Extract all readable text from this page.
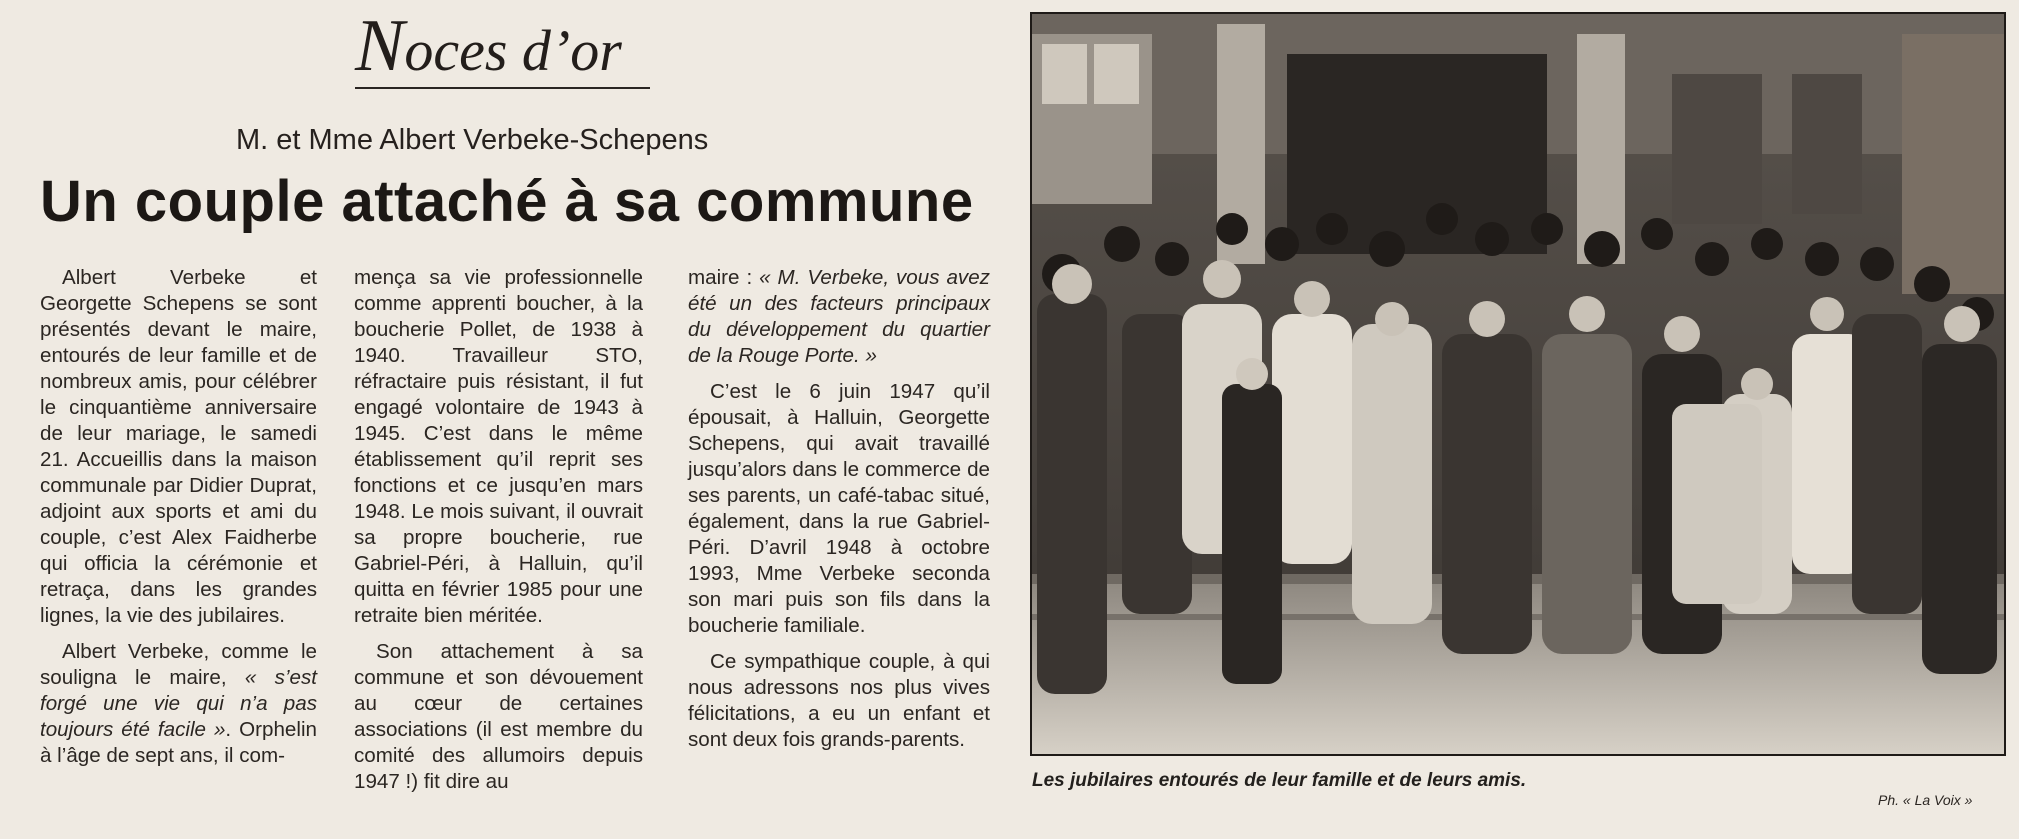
Noces d’or
M. et Mme Albert Verbeke-Schepens
Un couple attaché à sa commune

Albert Verbeke et Georgette Schepens se sont présentés devant le maire, entourés de leur famille et de nombreux amis, pour célébrer le cinquantième anniversaire de leur mariage, le samedi 21. Accueillis dans la maison communale par Didier Duprat, adjoint aux sports et ami du couple, c’est Alex Faidherbe qui officia la cérémonie et retraça, dans les grandes lignes, la vie des jubilaires.

Albert Verbeke, comme le souligna le maire, « s’est forgé une vie qui n’a pas toujours été facile ». Orphelin à l’âge de sept ans, il com-

mença sa vie professionnelle comme apprenti boucher, à la boucherie Pollet, de 1938 à 1940. Travailleur STO, réfractaire puis résistant, il fut engagé volontaire de 1943 à 1945. C’est dans le même établissement qu’il reprit ses fonctions et ce jusqu’en mars 1948. Le mois suivant, il ouvrait sa propre boucherie, rue Gabriel-Péri, à Halluin, qu’il quitta en février 1985 pour une retraite bien méritée.

Son attachement à sa commune et son dévouement au cœur de certaines associations (il est membre du comité des allumoirs depuis 1947 !) fit dire au

maire : « M. Verbeke, vous avez été un des facteurs principaux du développement du quartier de la Rouge Porte. »

C’est le 6 juin 1947 qu’il épousait, à Halluin, Georgette Schepens, qui avait travaillé jusqu’alors dans le commerce de ses parents, un café-tabac situé, également, dans la rue Gabriel-Péri. D’avril 1948 à octobre 1993, Mme Verbeke seconda son mari puis son fils dans la boucherie familiale.

Ce sympathique couple, à qui nous adressons nos plus vives félicitations, a eu un enfant et sont deux fois grands-parents.

Les jubilaires entourés de leur famille et de leurs amis.
Ph. « La Voix »
